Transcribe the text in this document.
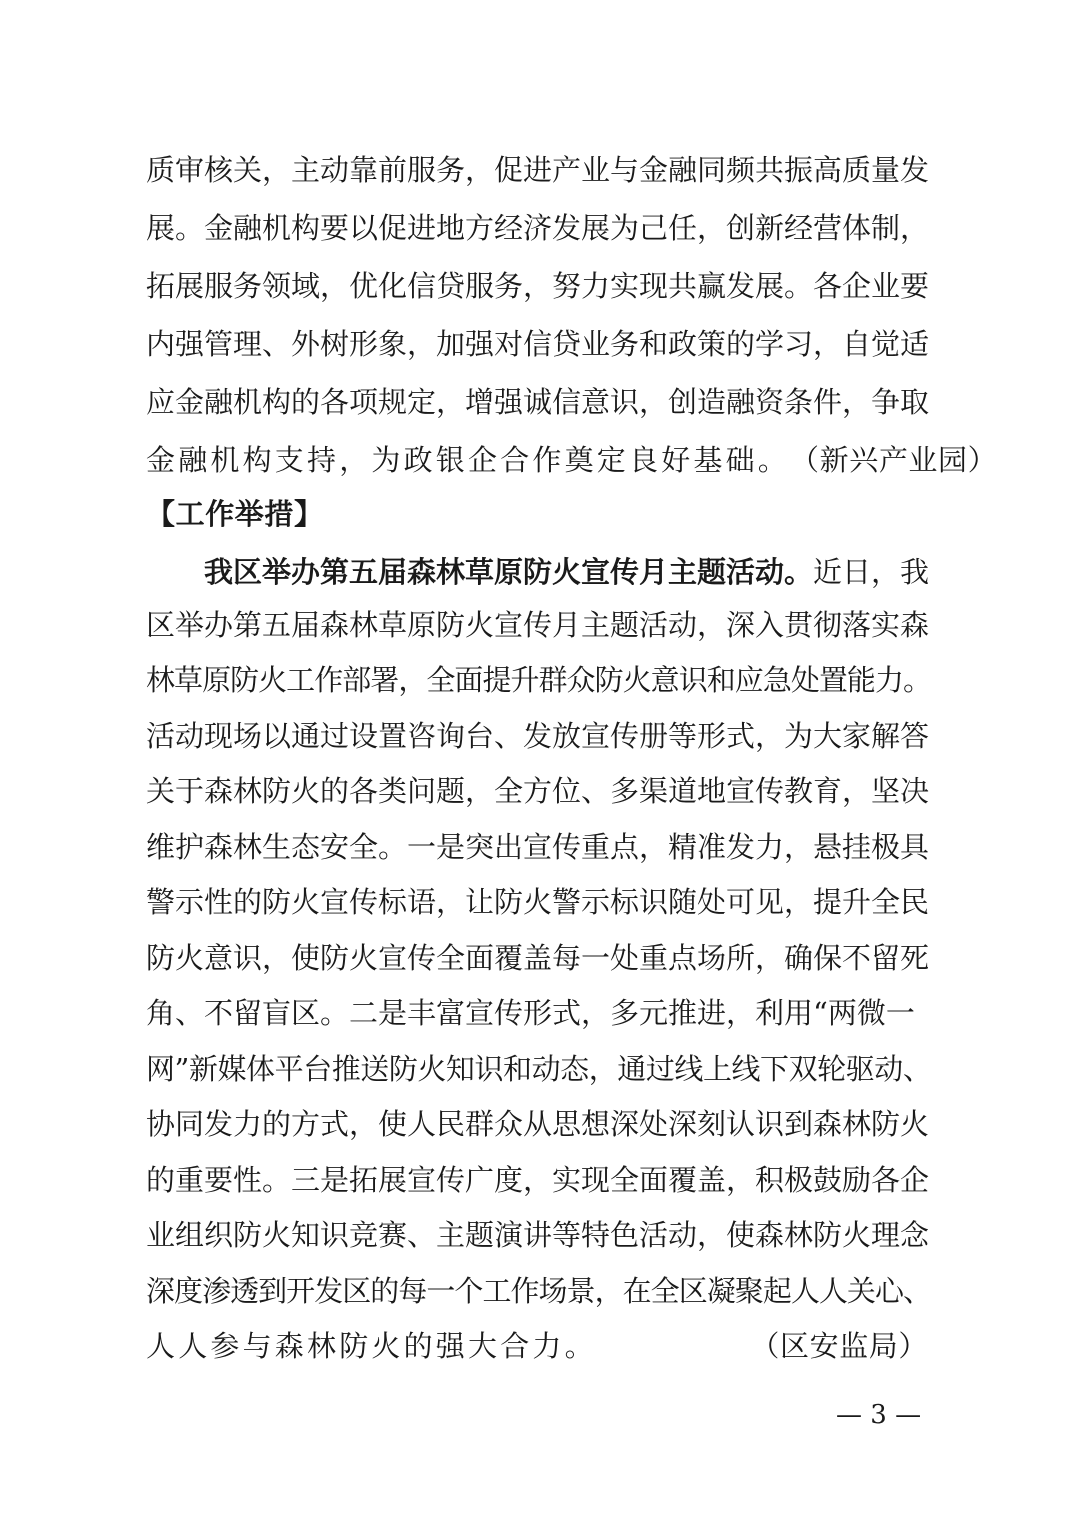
质审核关，主动靠前服务，促进产业与金融同频共振高质量发
展。金融机构要以促进地方经济发展为己任，创新经营体制，
拓展服务领域，优化信贷服务，努力实现共赢发展。各企业要
内强管理、外树形象，加强对信贷业务和政策的学习，自觉适
应金融机构的各项规定，增强诚信意识，创造融资条件，争取
金融机构支持，为政银企合作奠定良好基础。 （新兴产业园）
【工作举措】
我区举办第五届森林草原防火宣传月主题活动。近日，我
区举办第五届森林草原防火宣传月主题活动，深入贯彻落实森
林草原防火工作部署，全面提升群众防火意识和应急处置能力。
活动现场以通过设置咨询台、发放宣传册等形式，为大家解答
关于森林防火的各类问题，全方位、多渠道地宣传教育，坚决
维护森林生态安全。一是突出宣传重点，精准发力，悬挂极具
警示性的防火宣传标语，让防火警示标识随处可见，提升全民
防火意识，使防火宣传全面覆盖每一处重点场所，确保不留死
角、不留盲区。二是丰富宣传形式，多元推进，利用“两微一
网”新媒体平台推送防火知识和动态，通过线上线下双轮驱动、
协同发力的方式，使人民群众从思想深处深刻认识到森林防火
的重要性。三是拓展宣传广度，实现全面覆盖，积极鼓励各企
业组织防火知识竞赛、主题演讲等特色活动，使森林防火理念
深度渗透到开发区的每一个工作场景，在全区凝聚起人人关心、
人人参与森林防火的强大合力。	（区安监局）
— 3 —
